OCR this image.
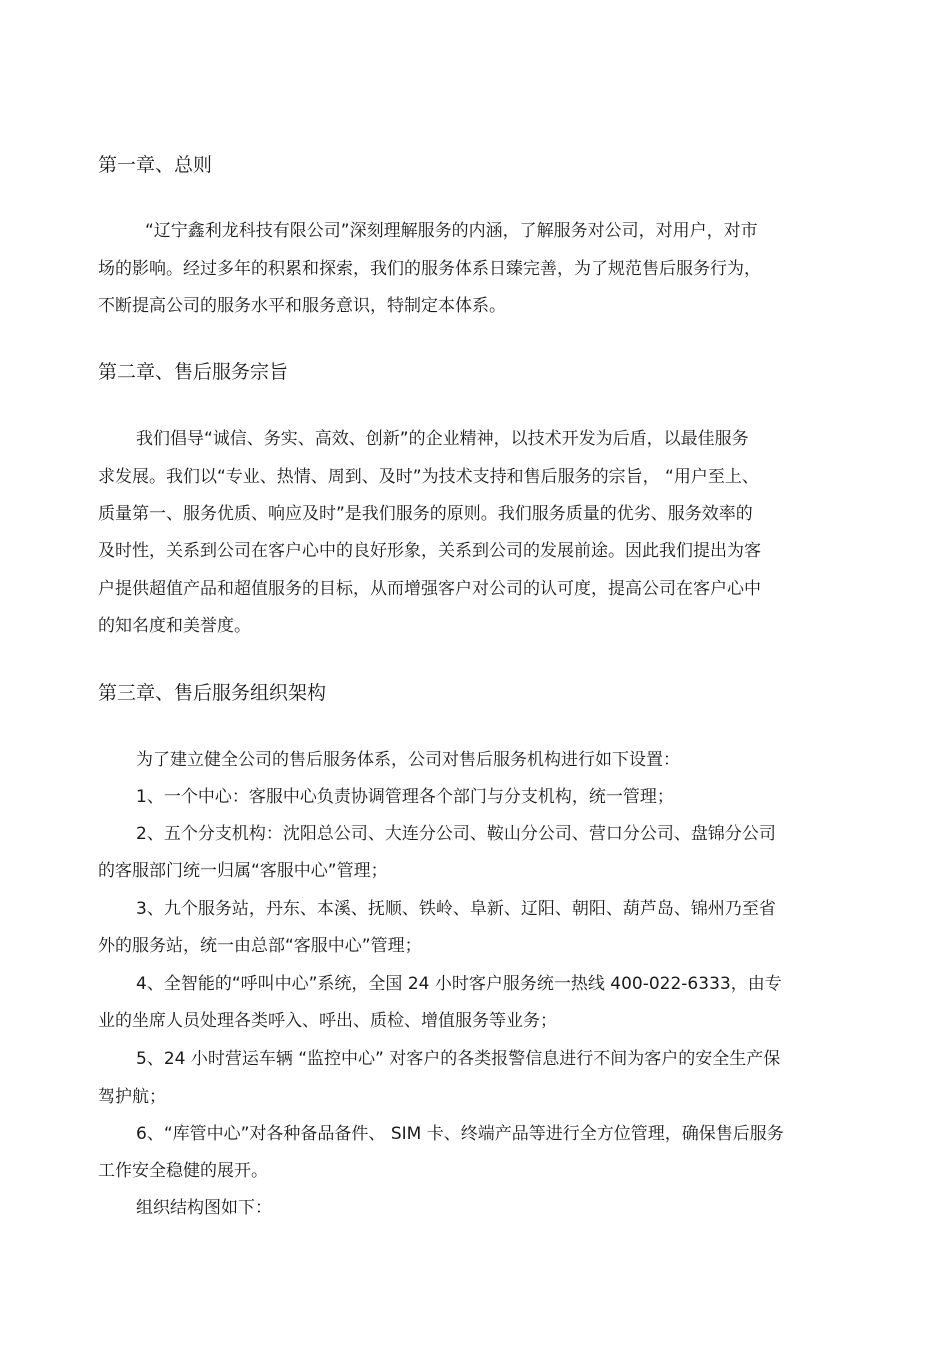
第一章、总则
“辽宁鑫利龙科技有限公司”深刻理解服务的内涵，了解服务对公司，对用户，对市
场的影响。经过多年的积累和探索，我们的服务体系日臻完善，为了规范售后服务行为，
不断提高公司的服务水平和服务意识，特制定本体系。
第二章、售后服务宗旨
我们倡导“诚信、务实、高效、创新”的企业精神，以技术开发为后盾，以最佳服务
求发展。我们以“专业、热情、周到、及时”为技术支持和售后服务的宗旨， “用户至上、
质量第一、服务优质、响应及时”是我们服务的原则。我们服务质量的优劣、服务效率的
及时性，关系到公司在客户心中的良好形象，关系到公司的发展前途。因此我们提出为客
户提供超值产品和超值服务的目标，从而增强客户对公司的认可度，提高公司在客户心中
的知名度和美誉度。
第三章、售后服务组织架构
为了建立健全公司的售后服务体系，公司对售后服务机构进行如下设置：
1、一个中心：客服中心负责协调管理各个部门与分支机构，统一管理；
2、五个分支机构：沈阳总公司、大连分公司、鞍山分公司、营口分公司、盘锦分公司
的客服部门统一归属“客服中心”管理；
3、九个服务站，丹东、本溪、抚顺、铁岭、阜新、辽阳、朝阳、葫芦岛、锦州乃至省
外的服务站，统一由总部“客服中心”管理；
4、全智能的“呼叫中心”系统，全国 24 小时客户服务统一热线 400-022-6333，由专
业的坐席人员处理各类呼入、呼出、质检、增值服务等业务；
5、24 小时营运车辆 “监控中心” 对客户的各类报警信息进行不间为客户的安全生产保
驾护航；
6、“库管中心”对各种备品备件、 SIM 卡、终端产品等进行全方位管理，确保售后服务
工作安全稳健的展开。
组织结构图如下：
